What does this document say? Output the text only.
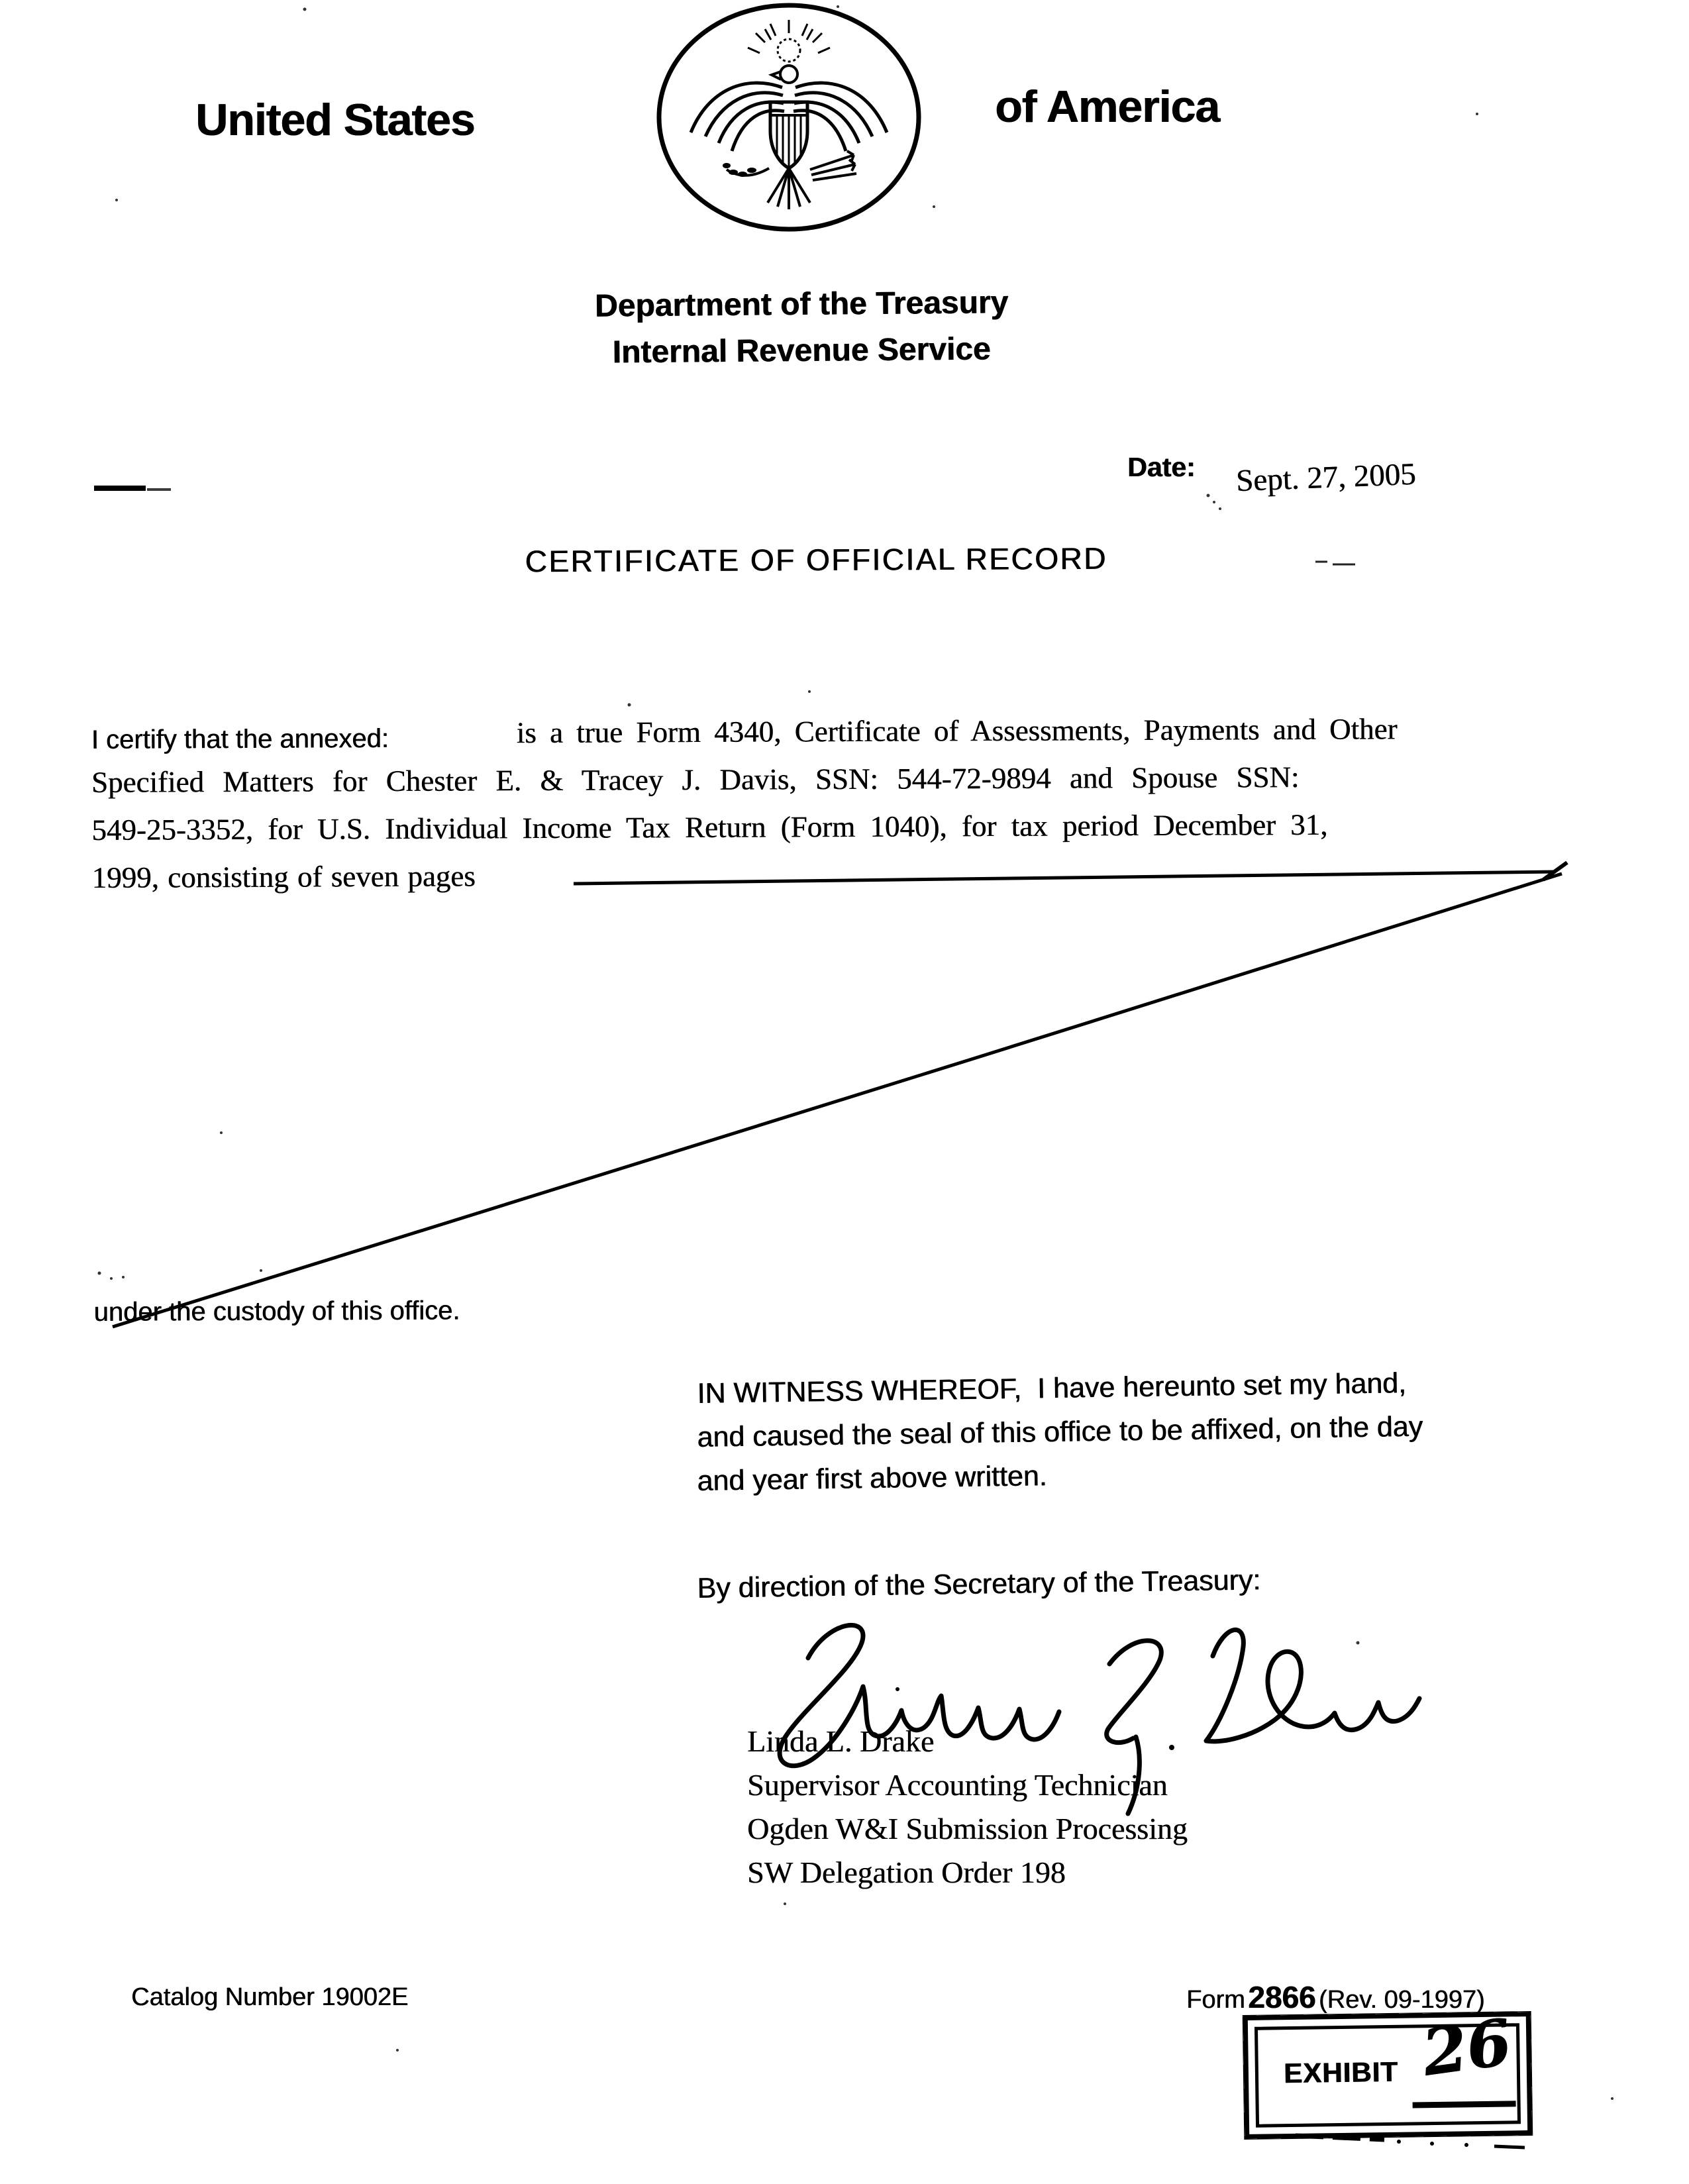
United States	of America
Department of the Treasury
Internal Revenue Service
Date: Sept. 27, 2005
CERTIFICATE OF OFFICIAL RECORD
I certify that the annexed:	is a true Form 4340, Certificate of Assessments, Payments and Other
Specified Matters for Chester E. & Tracey J. Davis, SSN: 544-72-9894 and Spouse SSN:
549-25-3352, for U.S. Individual Income Tax Return (Form 1040), for tax period December 31,
1999, consisting of seven pages
under the custody of this office.
IN WITNESS WHEREOF,  I have hereunto set my hand,
and caused the seal of this office to be affixed, on the day
and year first above written.
By direction of the Secretary of the Treasury:
Linda L. Drake
Supervisor Accounting Technician
Ogden W&I Submission Processing
SW Delegation Order 198
Catalog Number 19002E	Form 2866 (Rev. 09-1997)
EXHIBIT 26
